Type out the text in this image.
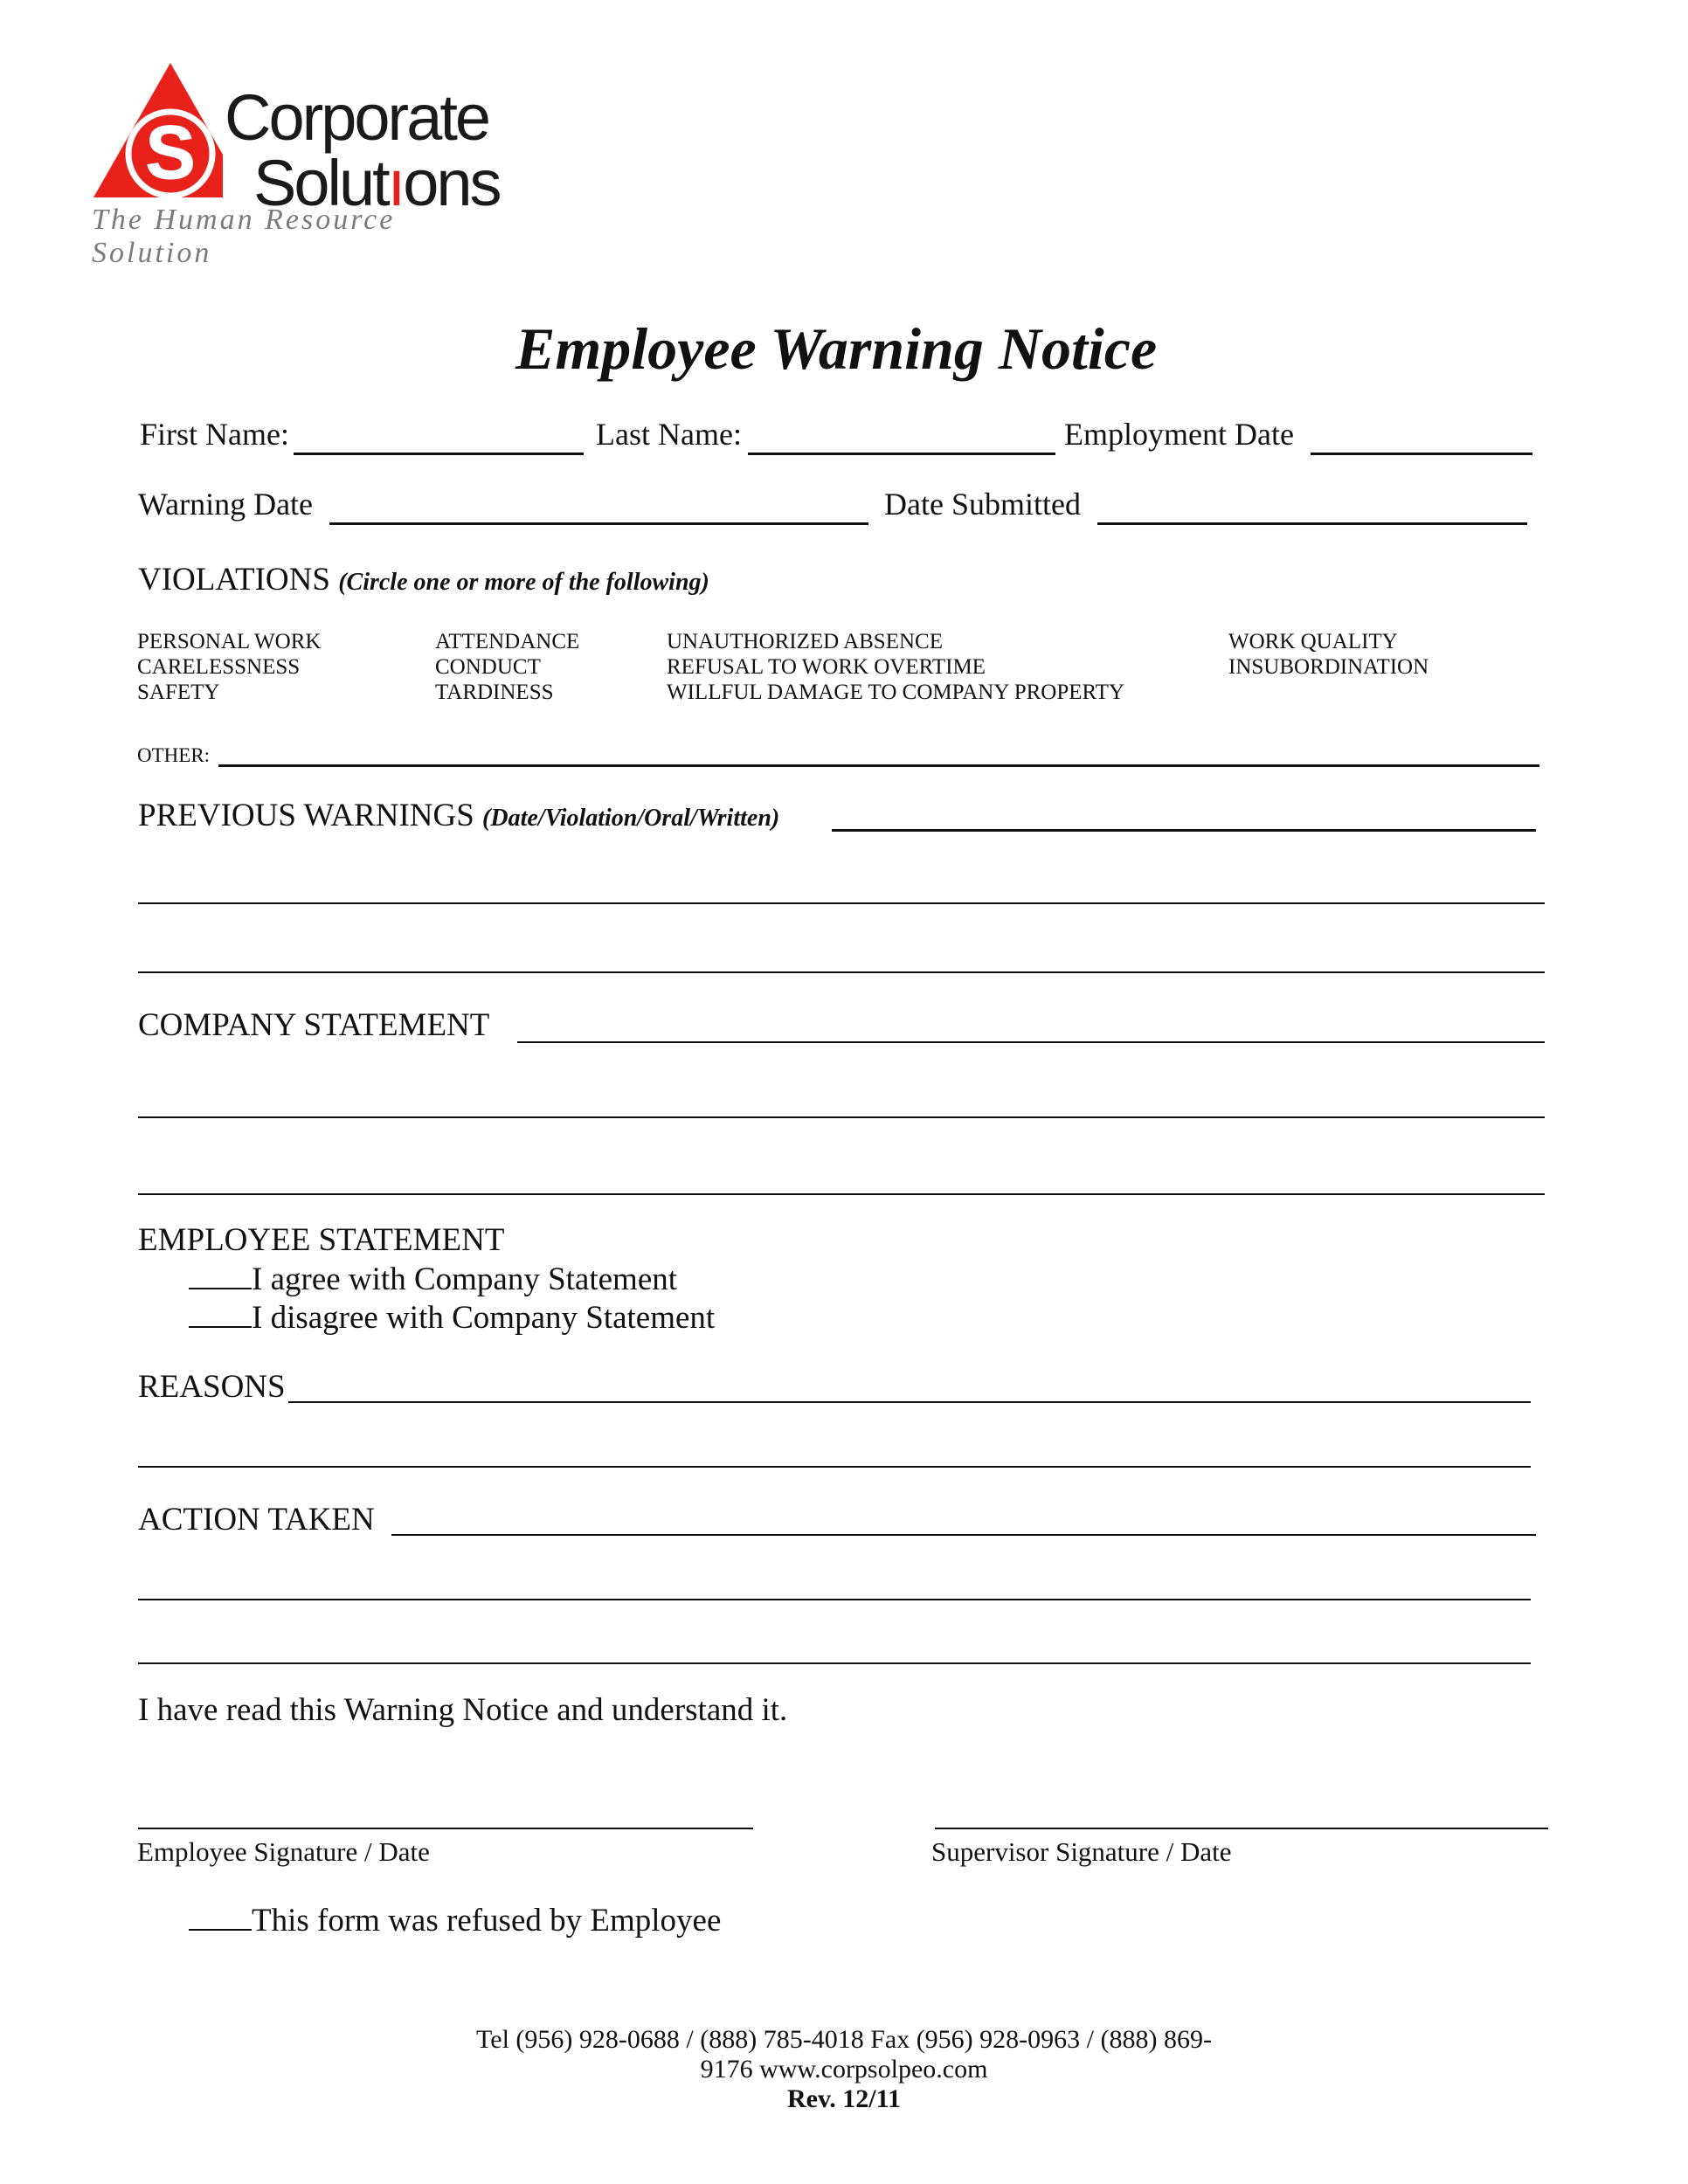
S Corporate
Solutıons
The Human Resource Solution
Employee Warning Notice
First Name:	Last Name:	Employment Date
Warning Date	Date Submitted
VIOLATIONS (Circle one or more of the following)
PERSONAL WORK
CARELESSNESS
SAFETY
ATTENDANCE
CONDUCT
TARDINESS
UNAUTHORIZED ABSENCE
REFUSAL TO WORK OVERTIME
WILLFUL DAMAGE TO COMPANY PROPERTY
WORK QUALITY
INSUBORDINATION
OTHER:
PREVIOUS WARNINGS (Date/Violation/Oral/Written)
COMPANY STATEMENT
EMPLOYEE STATEMENT
I agree with Company Statement
I disagree with Company Statement
REASONS
ACTION TAKEN
I have read this Warning Notice and understand it.
Employee Signature / Date	Supervisor Signature / Date
This form was refused by Employee
Tel (956) 928-0688 / (888) 785-4018 Fax (956) 928-0963 / (888) 869-
9176 www.corpsolpeo.com
Rev. 12/11
